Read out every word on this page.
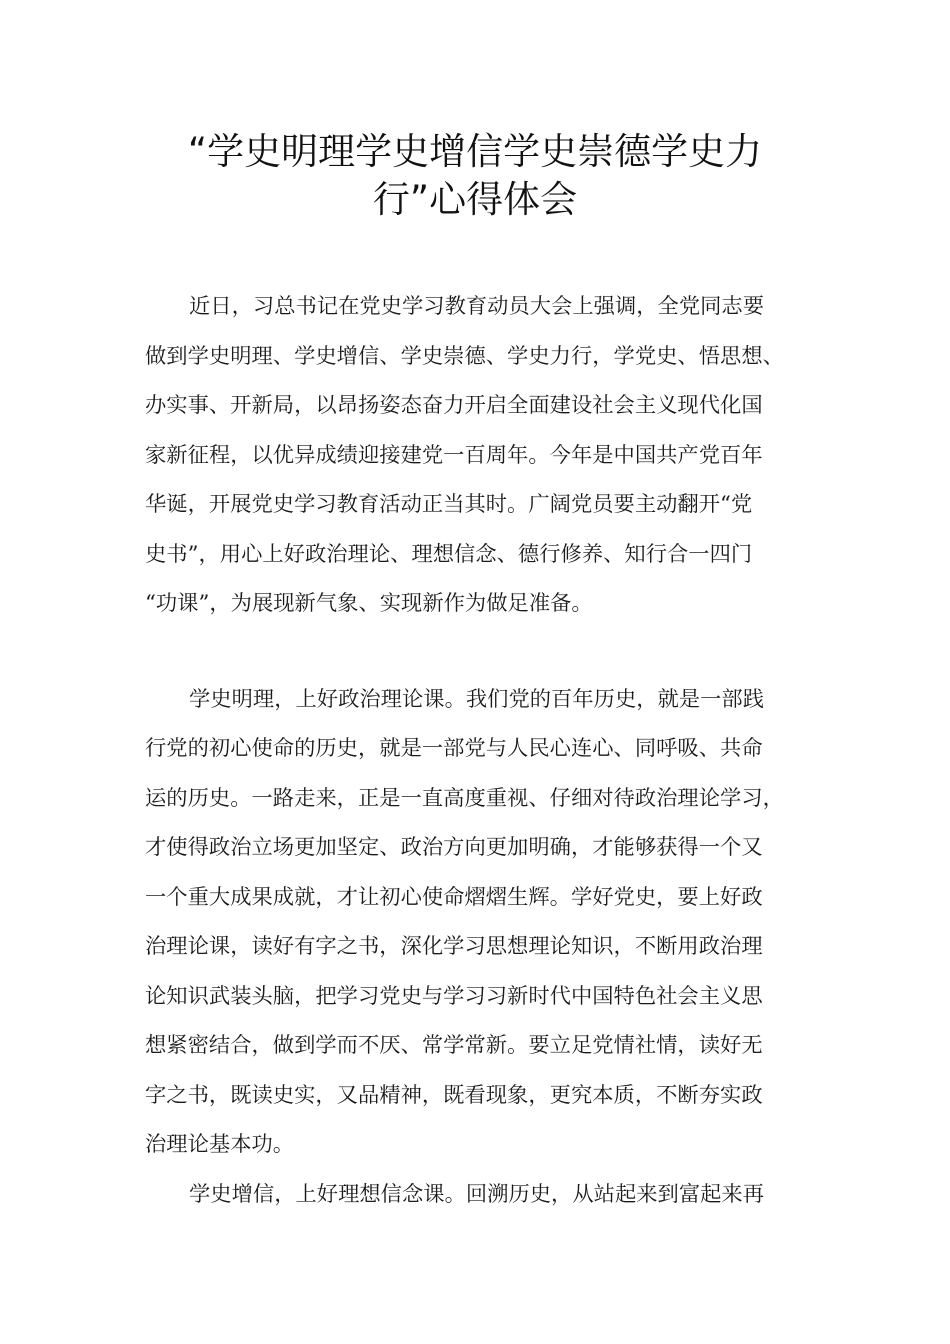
“学史明理学史增信学史崇德学史力
行”心得体会

近日，习总书记在党史学习教育动员大会上强调，全党同志要
做到学史明理、学史增信、学史崇德、学史力行，学党史、悟思想、
办实事、开新局，以昂扬姿态奋力开启全面建设社会主义现代化国
家新征程，以优异成绩迎接建党一百周年。今年是中国共产党百年
华诞，开展党史学习教育活动正当其时。广阔党员要主动翻开“党
史书”，用心上好政治理论、理想信念、德行修养、知行合一四门
“功课”，为展现新气象、实现新作为做足准备。

学史明理，上好政治理论课。我们党的百年历史，就是一部践
行党的初心使命的历史，就是一部党与人民心连心、同呼吸、共命
运的历史。一路走来，正是一直高度重视、仔细对待政治理论学习，
才使得政治立场更加坚定、政治方向更加明确，才能够获得一个又
一个重大成果成就，才让初心使命熠熠生辉。学好党史，要上好政
治理论课，读好有字之书，深化学习思想理论知识，不断用政治理
论知识武装头脑，把学习党史与学习习新时代中国特色社会主义思
想紧密结合，做到学而不厌、常学常新。要立足党情社情，读好无
字之书，既读史实，又品精神，既看现象，更究本质，不断夯实政
治理论基本功。

学史增信，上好理想信念课。回溯历史，从站起来到富起来再
